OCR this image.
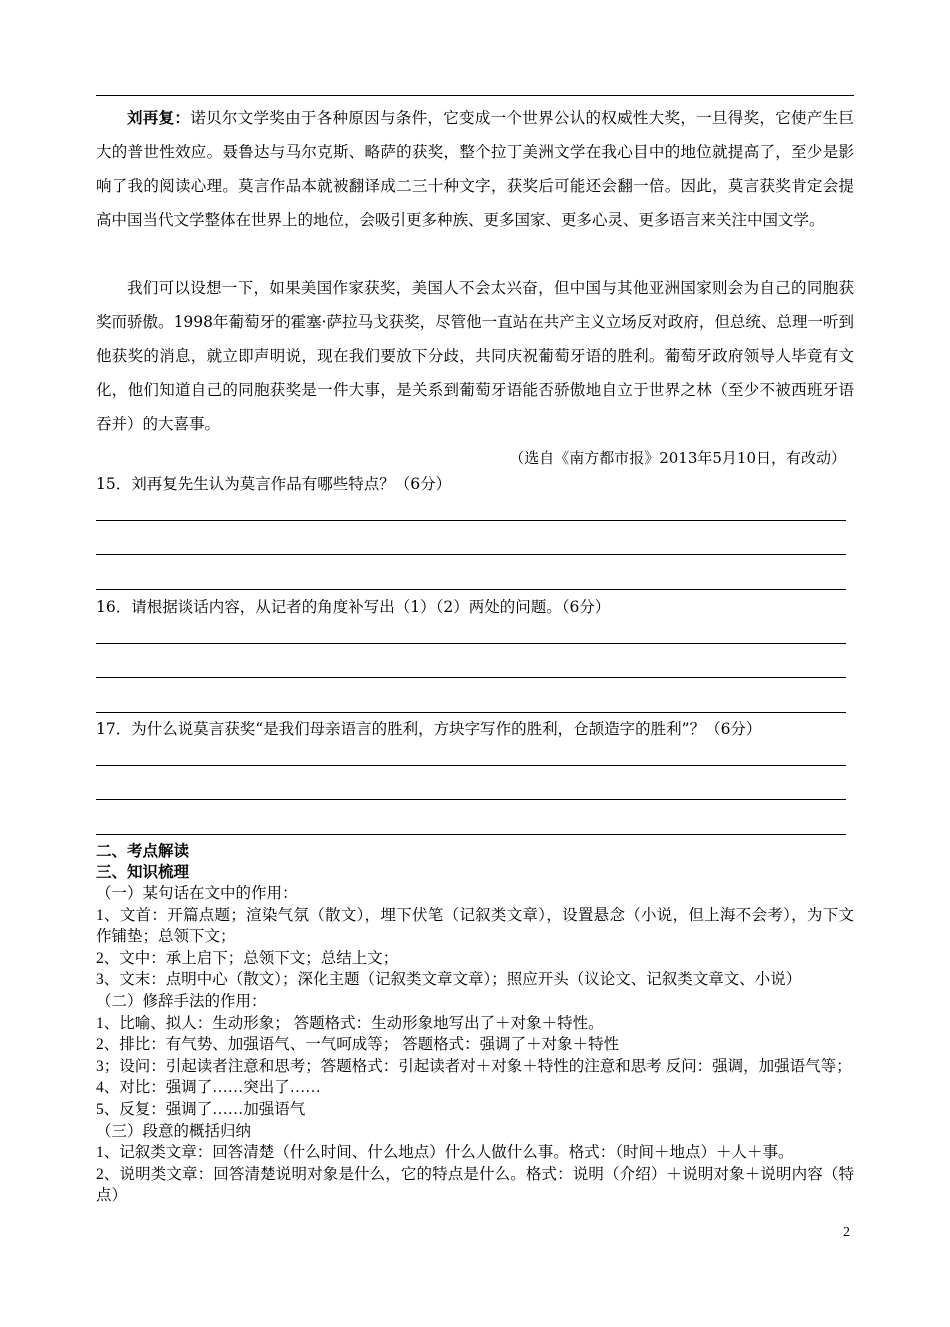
刘再复：诺贝尔文学奖由于各种原因与条件，它变成一个世界公认的权威性大奖，一旦得奖，它使产生巨大的普世性效应。聂鲁达与马尔克斯、略萨的获奖，整个拉丁美洲文学在我心目中的地位就提高了，至少是影响了我的阅读心理。莫言作品本就被翻译成二三十种文字，获奖后可能还会翻一倍。因此，莫言获奖肯定会提高中国当代文学整体在世界上的地位，会吸引更多种族、更多国家、更多心灵、更多语言来关注中国文学。

我们可以设想一下，如果美国作家获奖，美国人不会太兴奋，但中国与其他亚洲国家则会为自己的同胞获奖而骄傲。1998年葡萄牙的霍塞·萨拉马戈获奖，尽管他一直站在共产主义立场反对政府，但总统、总理一听到他获奖的消息，就立即声明说，现在我们要放下分歧，共同庆祝葡萄牙语的胜利。葡萄牙政府领导人毕竟有文化，他们知道自己的同胞获奖是一件大事，是关系到葡萄牙语能否骄傲地自立于世界之林（至少不被西班牙语吞并）的大喜事。

（选自《南方都市报》2013年5月10日，有改动）

15．刘再复先生认为莫言作品有哪些特点？（6分）

16．请根据谈话内容，从记者的角度补写出（1）（2）两处的问题。（6分）

17．为什么说莫言获奖“是我们母亲语言的胜利，方块字写作的胜利，仓颉造字的胜利”？（6分）

二、考点解读
三、知识梳理

（一）某句话在文中的作用：

1、文首：开篇点题；渲染气氛（散文），埋下伏笔（记叙类文章），设置悬念（小说，但上海不会考），为下文作铺垫；总领下文；

2、文中：承上启下；总领下文；总结上文；

3、文末：点明中心（散文）；深化主题（记叙类文章文章）；照应开头（议论文、记叙类文章文、小说）

（二）修辞手法的作用：

1、比喻、拟人：生动形象； 答题格式：生动形象地写出了＋对象＋特性。

2、排比：有气势、加强语气、一气呵成等； 答题格式：强调了＋对象＋特性

3；设问：引起读者注意和思考；答题格式：引起读者对＋对象＋特性的注意和思考 反问：强调，加强语气等；

4、对比：强调了……突出了……

5、反复：强调了……加强语气

（三）段意的概括归纳

1、记叙类文章：回答清楚（什么时间、什么地点）什么人做什么事。格式：（时间＋地点）＋人＋事。

2、说明类文章：回答清楚说明对象是什么，它的特点是什么。格式：说明（介绍）＋说明对象＋说明内容（特点）

2
